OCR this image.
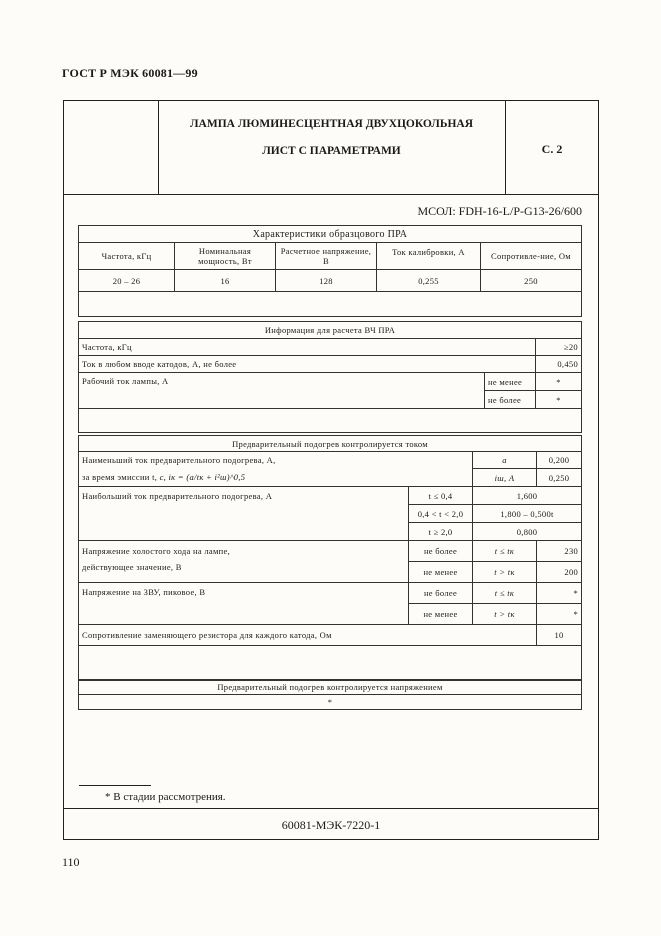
ГОСТ Р МЭК 60081—99
ЛАМПА ЛЮМИНЕСЦЕНТНАЯ ДВУХЦОКОЛЬНАЯ
ЛИСТ С ПАРАМЕТРАМИ	С. 2
МСОЛ: FDH-16-L/P-G13-26/600
Характеристики образцового ПРА				
Частота, кГц	Номинальная мощность, Вт	Расчетное напряжение, В	Ток калибровки, А	Сопротивле-ние, Ом
20 – 26	16	128	0,255	250

Информация для расчета ВЧ ПРА		
Частота, кГц		≥20
Ток в любом вводе катодов, А, не более		0,450
Рабочий ток лампы, А	не менее	*
	не более	*

Предварительный подогрев контролируется током			
Наименьший ток предварительного подогрева, А,		a	0,200
за время эмиссии t, c, iк = (a/tк + i²ш)^0,5		iш, А	0,250
Наибольший ток предварительного подогрева, А	t ≤ 0,4	1,600	
	0,4 < t < 2,0	1,800 – 0,500t	
	t ≥ 2,0	0,800	
Напряжение холостого хода на лампе,	не более	t ≤ tк	230
действующее значение, В	не менее	t > tк	200
Напряжение на ЗВУ, пиковое, В	не более	t ≤ tк	*
	не менее	t > tк	*
Сопротивление заменяющего резистора для каждого катода, Ом			10

Предварительный подогрев контролируется напряжением
*
* В стадии рассмотрения.
60081-МЭК-7220-1
110
